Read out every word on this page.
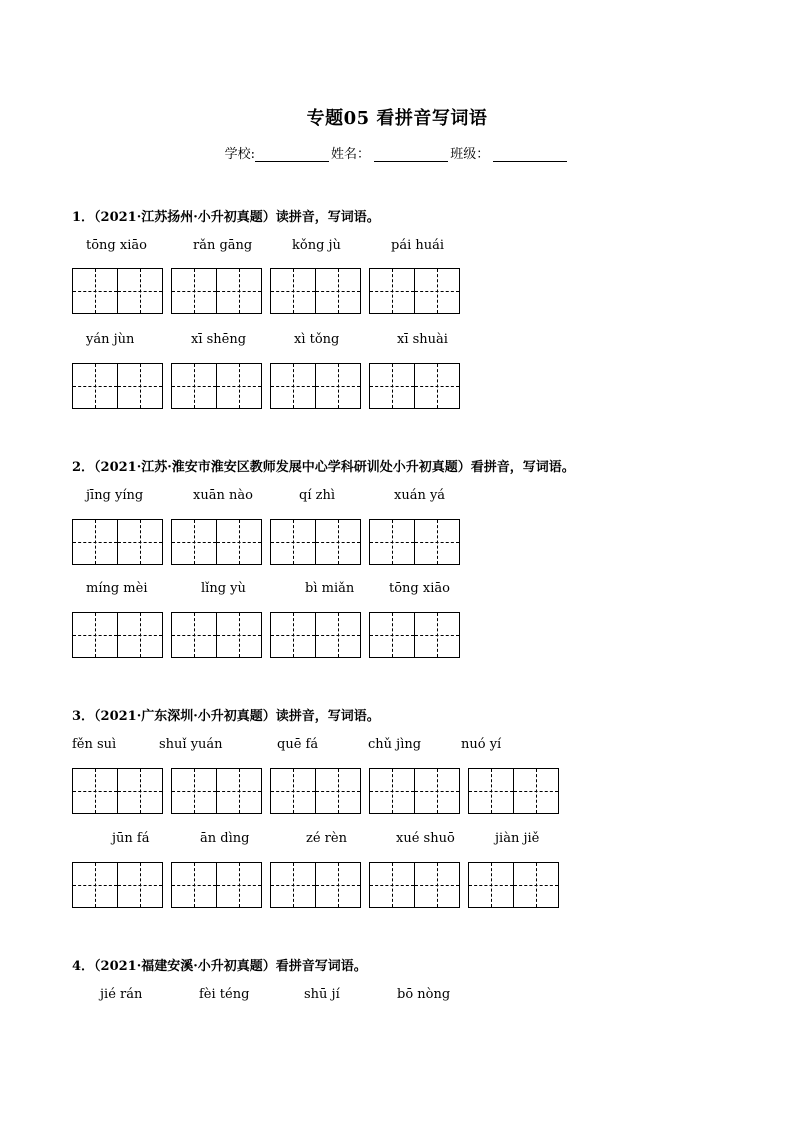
专题05 看拼音写词语
学校:	姓名：	班级：
1．（2021·江苏扬州·小升初真题）读拼音，写词语。
tōng xiāo	rǎn gāng	kǒng jù	pái huái
yán jùn	xī shēng	xì tǒng	xī shuài
2．（2021·江苏·淮安市淮安区教师发展中心学科研训处小升初真题）看拼音，写词语。
jīng yíng	xuān nào	qí zhì	xuán yá
míng mèi	lǐng yù	bì miǎn	tōng xiāo
3．（2021·广东深圳·小升初真题）读拼音，写词语。
fěn suì	shuǐ yuán	quē fá	chǔ jìng	nuó yí
jūn fá	ān dìng	zé rèn	xué shuō	jiàn jiě
4．（2021·福建安溪·小升初真题）看拼音写词语。
jié rán	fèi téng	shū jí	bō nòng
